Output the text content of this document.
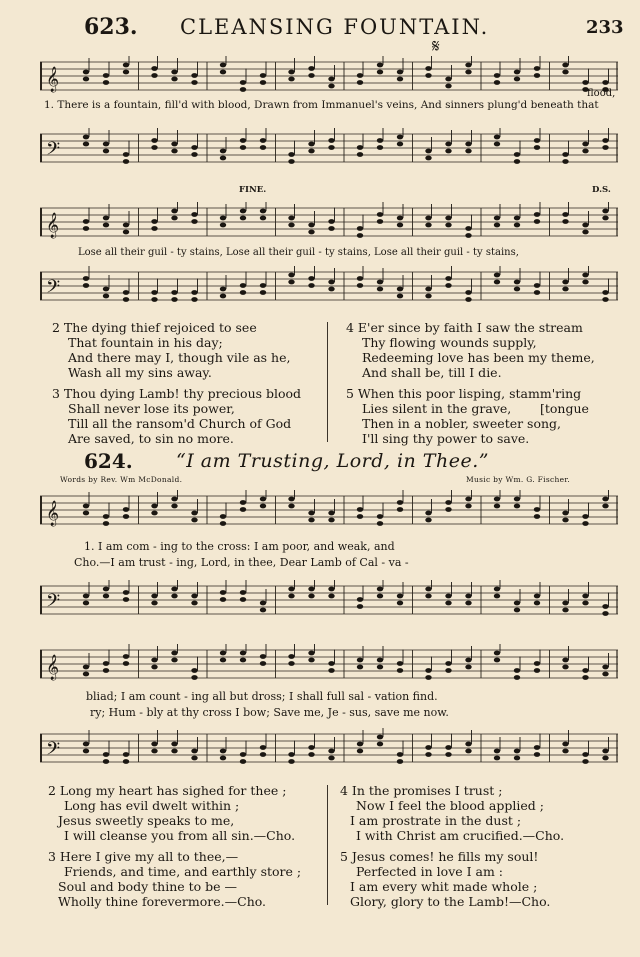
623. CLEANSING FOUNTAIN.	233
𝄋
𝄞
1. There is a fountain, fill'd with blood, Drawn from Immanuel's veins, And sinners plung'd beneath that
flood,
𝄢
FINE.	D.S.
𝄞
Lose all their guil - ty stains, Lose all their guil - ty stains, Lose all their guil - ty stains,
𝄢
2 The dying thief rejoiced to see
That fountain in his day;
And there may I, though vile as he,
Wash all my sins away.
3 Thou dying Lamb! thy precious blood
Shall never lose its power,
Till all the ransom'd Church of God
Are saved, to sin no more.
4 E'er since by faith I saw the stream
Thy flowing wounds supply,
Redeeming love has been my theme,
And shall be, till I die.
5 When this poor lisping, stamm'ring
Lies silent in the grave, [tongue
Then in a nobler, sweeter song,
I'll sing thy power to save.
624. “I am Trusting, Lord, in Thee.”
Words by Rev. Wm McDonald.	Music by Wm. G. Fischer.
𝄞
1. I am com - ing to the cross: I am poor, and weak, and
Cho.—I am trust - ing, Lord, in thee, Dear Lamb of Cal - va -
𝄢
𝄞
bliad; I am count - ing all but dross; I shall full sal - vation find.
ry; Hum - bly at thy cross I bow; Save me, Je - sus, save me now.
𝄢
2 Long my heart has sighed for thee ;
Long has evil dwelt within ;
Jesus sweetly speaks to me,
I will cleanse you from all sin.—Cho.
3 Here I give my all to thee,—
Friends, and time, and earthly store ;
Soul and body thine to be —
Wholly thine forevermore.—Cho.
4 In the promises I trust ;
Now I feel the blood applied ;
I am prostrate in the dust ;
I with Christ am crucified.—Cho.
5 Jesus comes! he fills my soul!
Perfected in love I am :
I am every whit made whole ;
Glory, glory to the Lamb!—Cho.
